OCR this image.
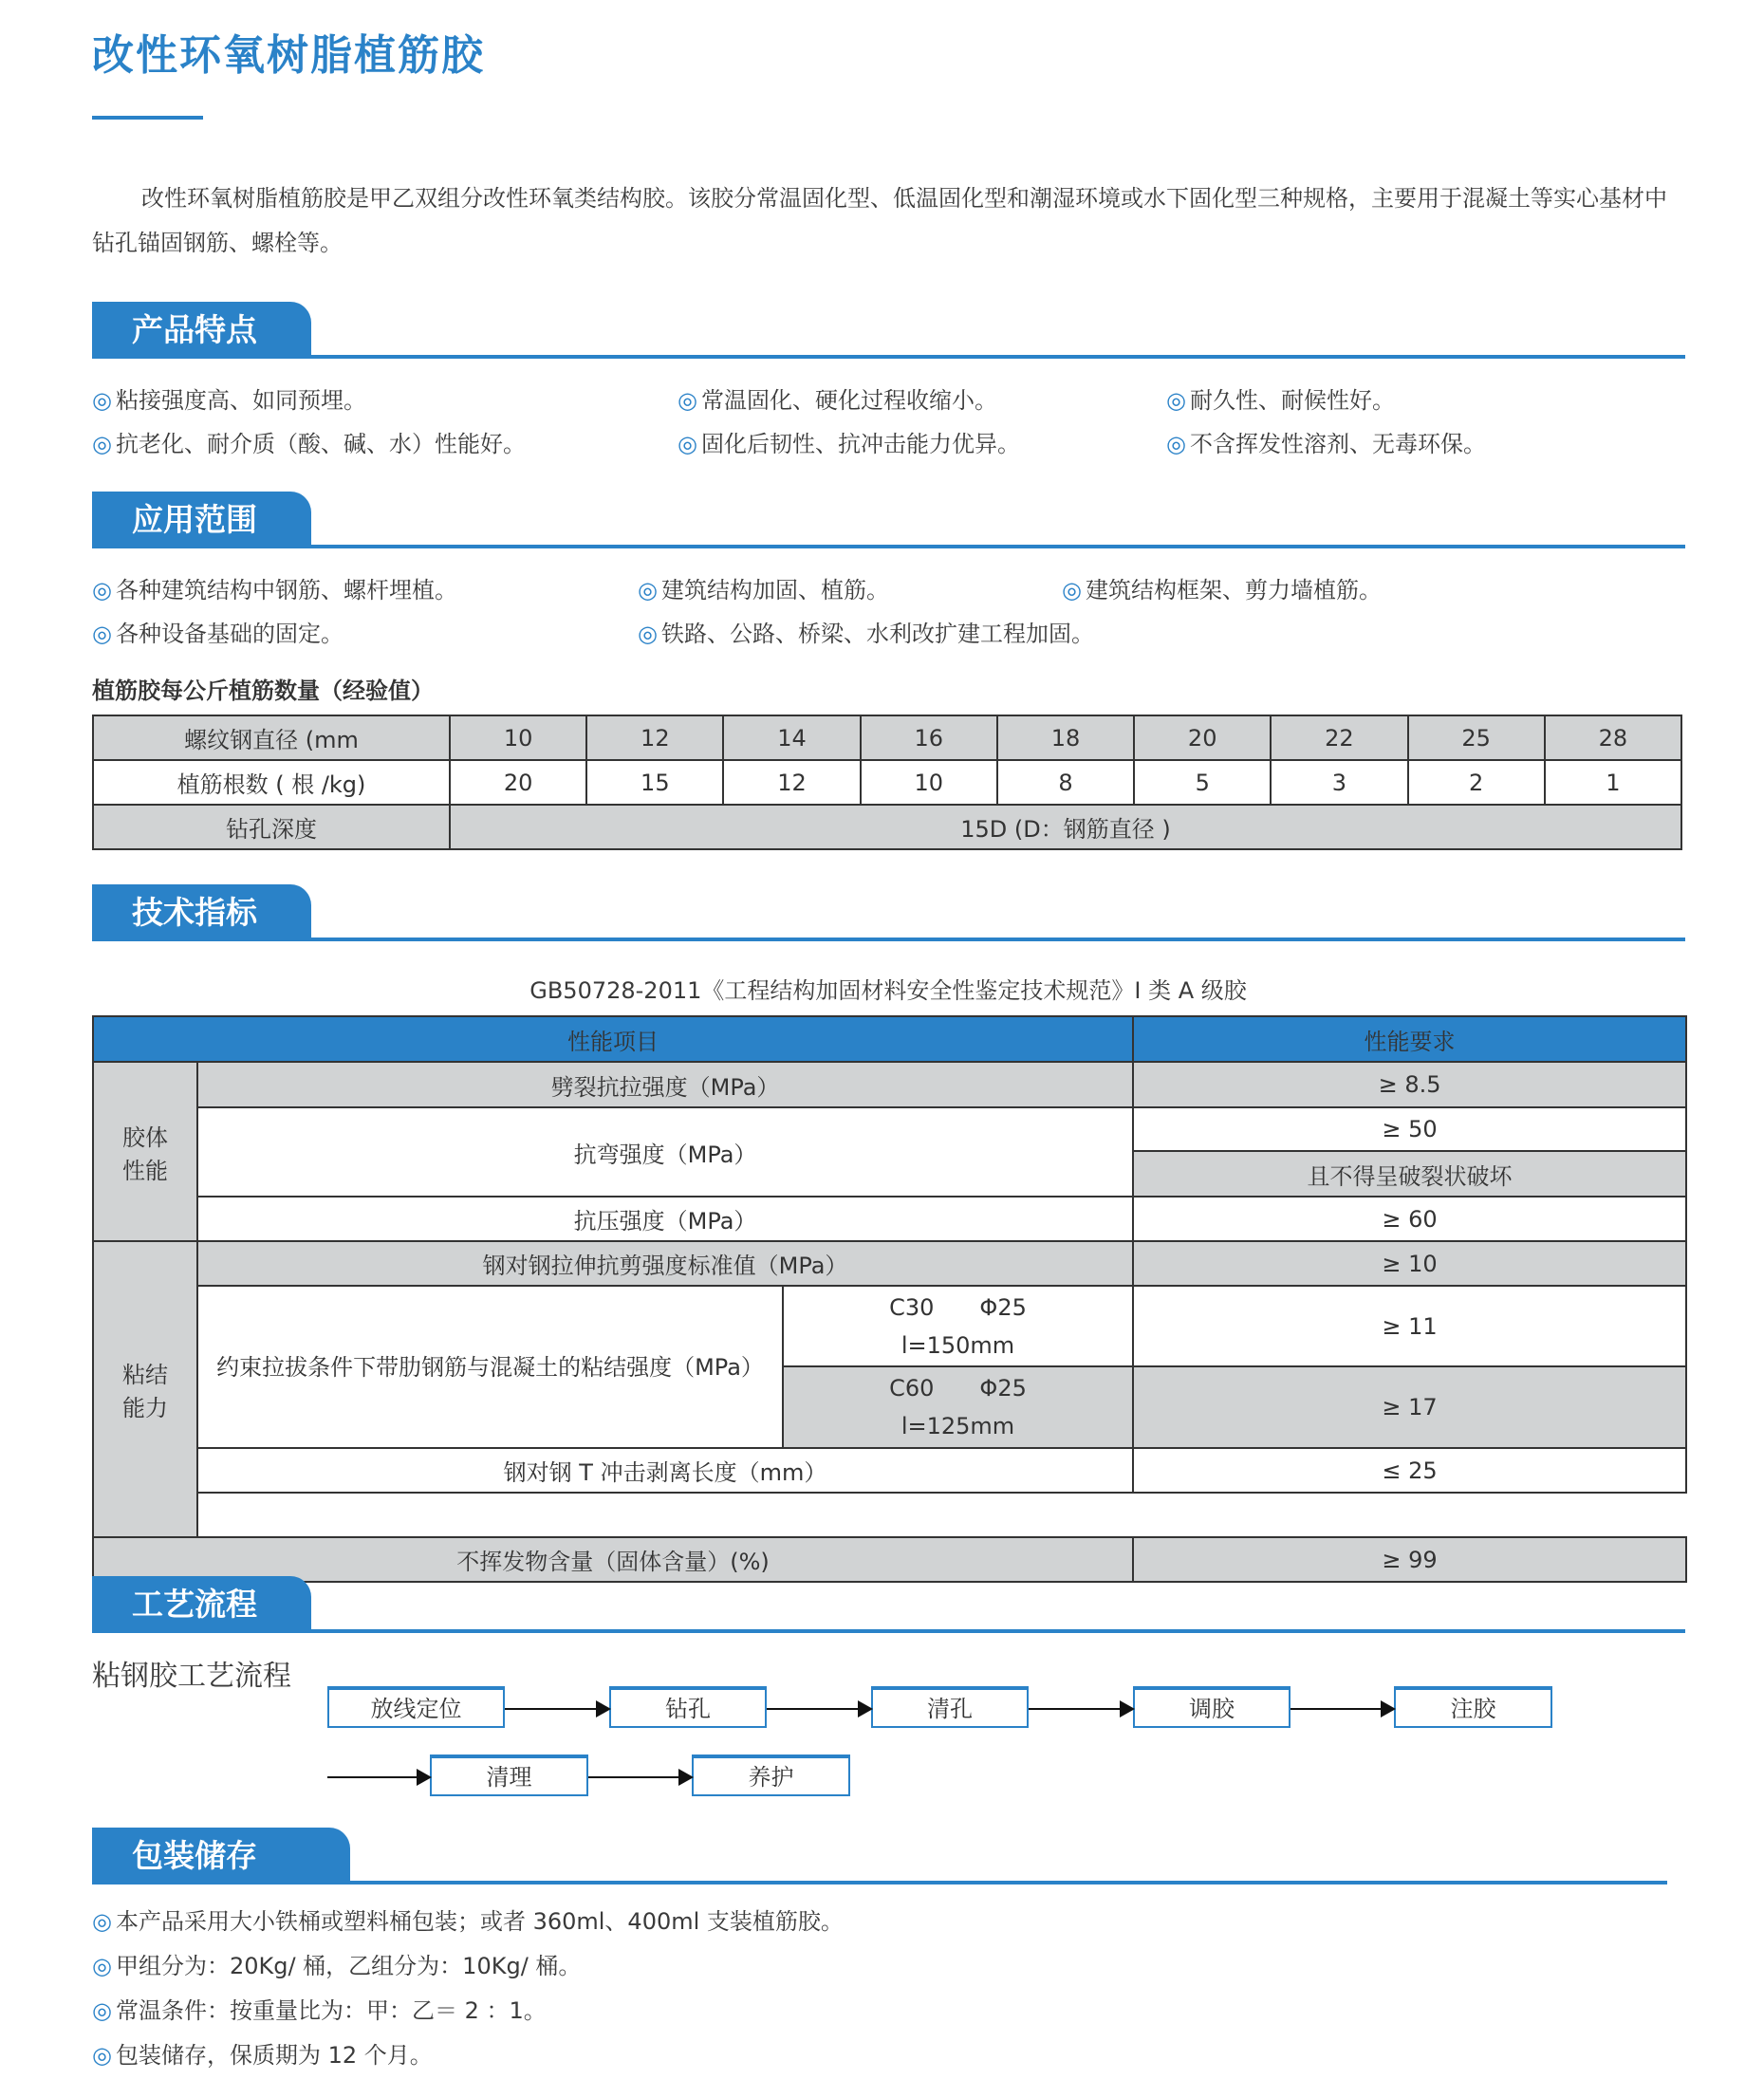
改性环氧树脂植筋胶
改性环氧树脂植筋胶是甲乙双组分改性环氧类结构胶。该胶分常温固化型、低温固化型和潮湿环境或水下固化型三种规格，主要用于混凝土等实心基材中钻孔锚固钢筋、螺栓等。
产品特点
◎ 粘接强度高、如同预埋。	◎ 常温固化、硬化过程收缩小。	◎ 耐久性、耐候性好。
◎ 抗老化、耐介质（酸、碱、水）性能好。	◎ 固化后韧性、抗冲击能力优异。	◎ 不含挥发性溶剂、无毒环保。
应用范围
◎ 各种建筑结构中钢筋、螺杆埋植。	◎ 建筑结构加固、植筋。	◎ 建筑结构框架、剪力墙植筋。
◎ 各种设备基础的固定。	◎ 铁路、公路、桥梁、水利改扩建工程加固。
植筋胶每公斤植筋数量（经验值）
螺纹钢直径 (mm	10	12	14	16	18	20	22	25	28
植筋根数 ( 根 /kg)	20	15	12	10	8	5	3	2	1
钻孔深度	15D (D：钢筋直径 )								
技术指标
GB50728-2011《工程结构加固材料安全性鉴定技术规范》I 类 A 级胶
性能项目			性能要求
胶体
性能	劈裂抗拉强度（MPa）		≥ 8.5
	抗弯强度（MPa）		≥ 50
			且不得呈破裂状破坏
	抗压强度（MPa）		≥ 60
粘结
能力	钢对钢拉伸抗剪强度标准值（MPa）		≥ 10
	约束拉拔条件下带肋钢筋与混凝土的粘结强度（MPa）	C30　　Φ25
l=150mm	≥ 11
		C60　　Φ25
l=125mm	≥ 17
	钢对钢 T 冲击剥离长度（mm）		≤ 25

不挥发物含量（固体含量）(%)			≥ 99
工艺流程
粘钢胶工艺流程
放线定位	钻孔	清孔	调胶	注胶
清理	养护
包装储存
◎ 本产品采用大小铁桶或塑料桶包装；或者 360ml、400ml 支装植筋胶。
◎ 甲组分为：20Kg/ 桶，乙组分为：10Kg/ 桶。
◎ 常温条件：按重量比为：甲：乙＝ 2 ：1。
◎ 包装储存，保质期为 12 个月。
